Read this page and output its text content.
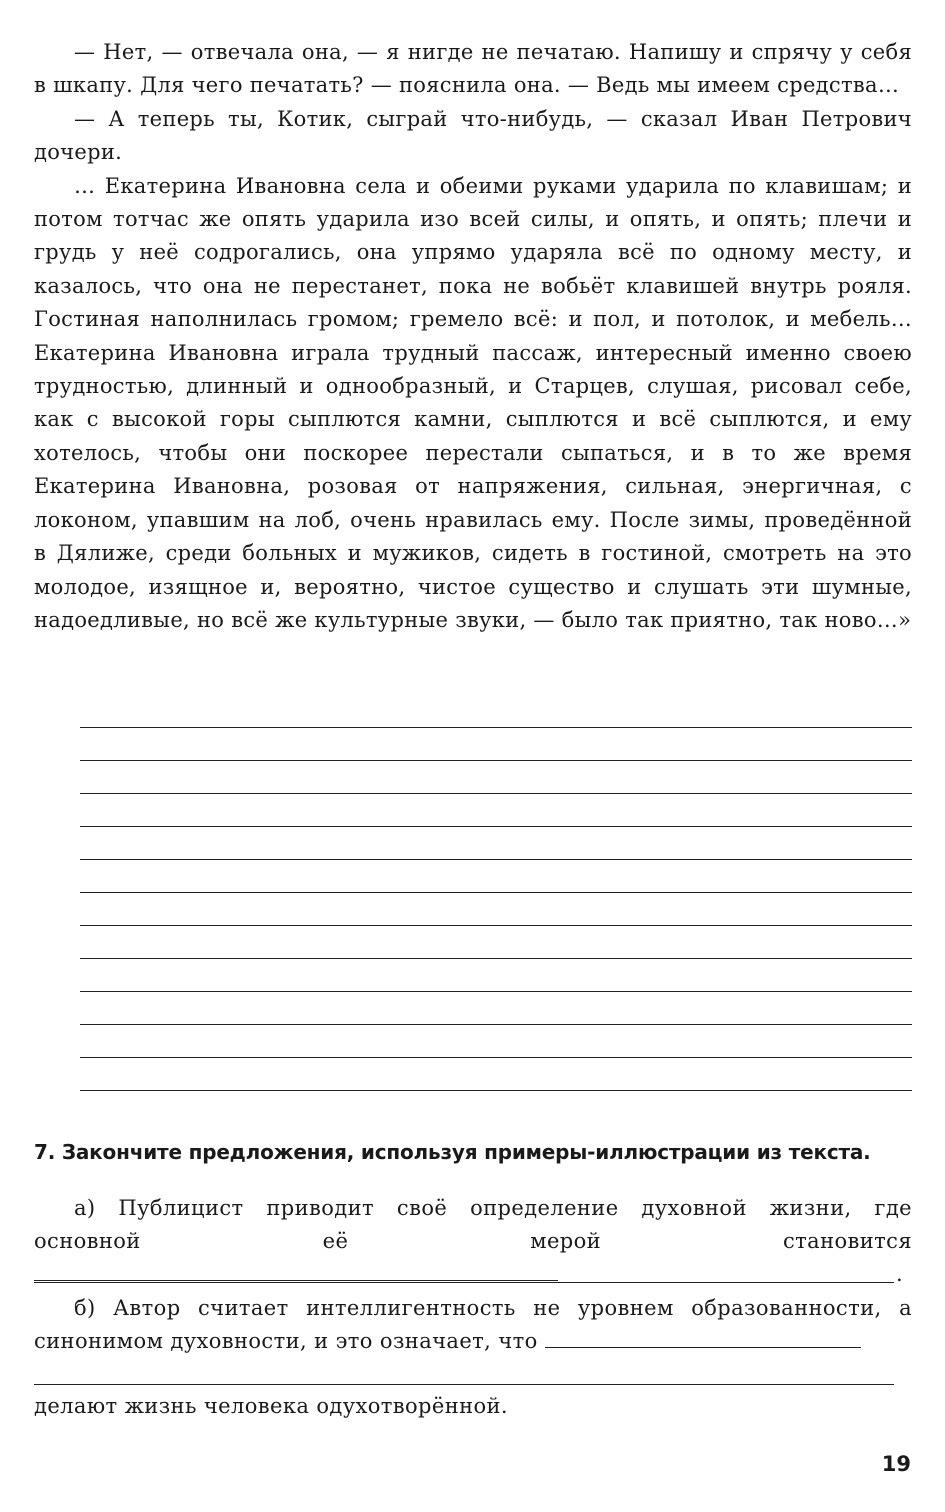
— Нет, — отвечала она, — я нигде не печатаю. Напишу и спрячу у себя в шкапу. Для чего печатать? — пояснила она. — Ведь мы имеем средства…

— А теперь ты, Котик, сыграй что-нибудь, — сказал Иван Петрович дочери.

… Екатерина Ивановна села и обеими руками ударила по клавишам; и потом тотчас же опять ударила изо всей силы, и опять, и опять; плечи и грудь у неё содрогались, она упрямо ударяла всё по одному месту, и казалось, что она не перестанет, пока не вобьёт клавишей внутрь рояля. Гостиная наполнилась громом; гремело всё: и пол, и потолок, и мебель… Екатерина Ивановна играла трудный пассаж, интересный именно своею трудностью, длинный и однообразный, и Старцев, слушая, рисовал себе, как с высокой горы сыплются камни, сыплются и всё сыплются, и ему хотелось, чтобы они поскорее перестали сыпаться, и в то же время Екатерина Ивановна, розовая от напряжения, сильная, энергичная, с локоном, упавшим на лоб, очень нравилась ему. После зимы, проведённой в Дялиже, среди больных и мужиков, сидеть в гостиной, смотреть на это молодое, изящное и, вероятно, чистое существо и слушать эти шумные, надоедливые, но всё же культурные звуки, — было так приятно, так ново…»

7. Закончите предложения, используя примеры-иллюстрации из текста.
а) Публицист приводит своё определение духовной жизни, где основной её мерой становится
.
б) Автор считает интеллигентность не уровнем образованности, а синонимом духовности, и это означает, что
делают жизнь человека одухотворённой.
19
